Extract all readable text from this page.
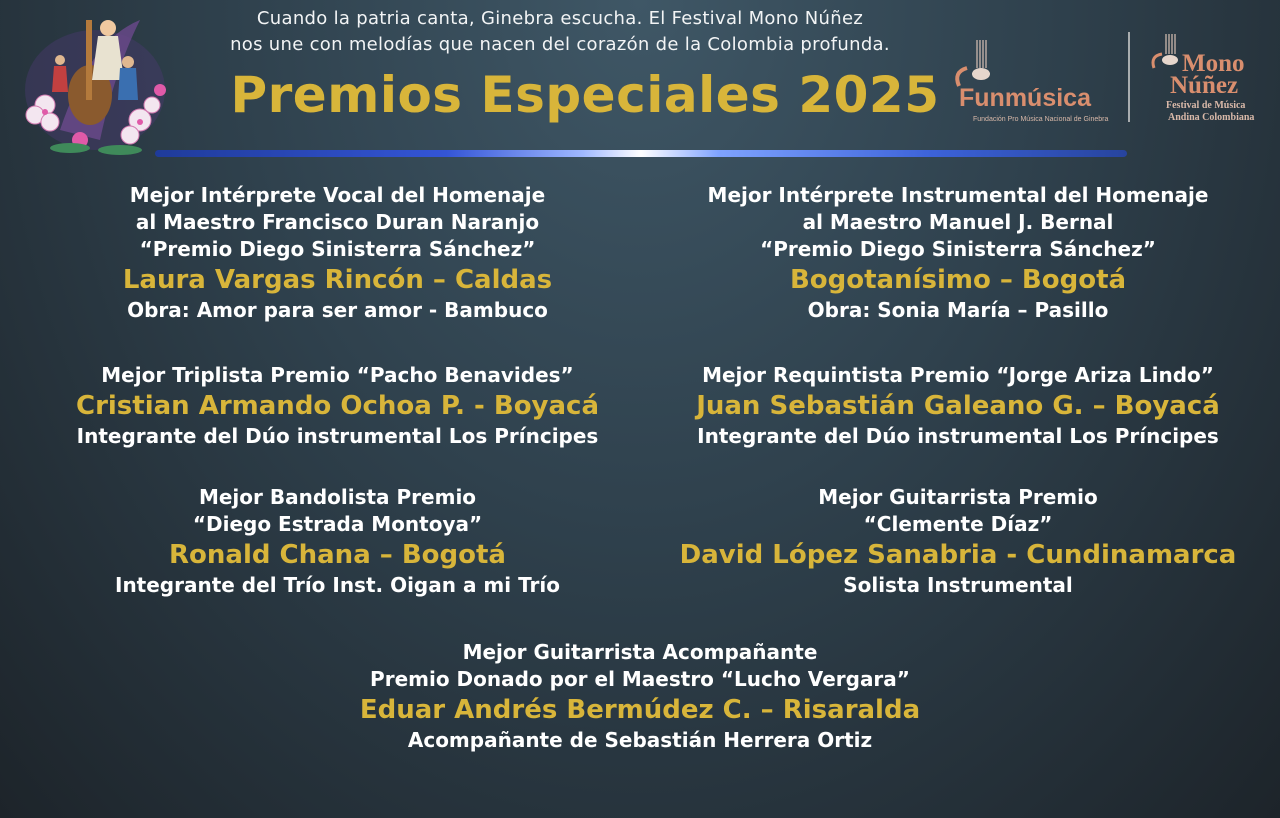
Cuando la patria canta, Ginebra escucha. El Festival Mono Núñez
nos une con melodías que nacen del corazón de la Colombia profunda.
Premios Especiales 2025 Funmúsica
Fundación Pro Música Nacional de Ginebra
Mono
Núñez
Festival de Música
Andina Colombiana
Mejor Intérprete Vocal del Homenaje
al Maestro Francisco Duran Naranjo
“Premio Diego Sinisterra Sánchez”
Laura Vargas Rincón – Caldas
Obra: Amor para ser amor - Bambuco
Mejor Intérprete Instrumental del Homenaje
al Maestro Manuel J. Bernal
“Premio Diego Sinisterra Sánchez”
Bogotanísimo – Bogotá
Obra: Sonia María – Pasillo
Mejor Triplista Premio “Pacho Benavides”
Cristian Armando Ochoa P. - Boyacá
Integrante del Dúo instrumental Los Príncipes
Mejor Requintista Premio “Jorge Ariza Lindo”
Juan Sebastián Galeano G. – Boyacá
Integrante del Dúo instrumental Los Príncipes
Mejor Bandolista Premio
“Diego Estrada Montoya”
Ronald Chana – Bogotá
Integrante del Trío Inst. Oigan a mi Trío
Mejor Guitarrista Premio
“Clemente Díaz”
David López Sanabria - Cundinamarca
Solista Instrumental
Mejor Guitarrista Acompañante
Premio Donado por el Maestro “Lucho Vergara”
Eduar Andrés Bermúdez C. – Risaralda
Acompañante de Sebastián Herrera Ortiz
